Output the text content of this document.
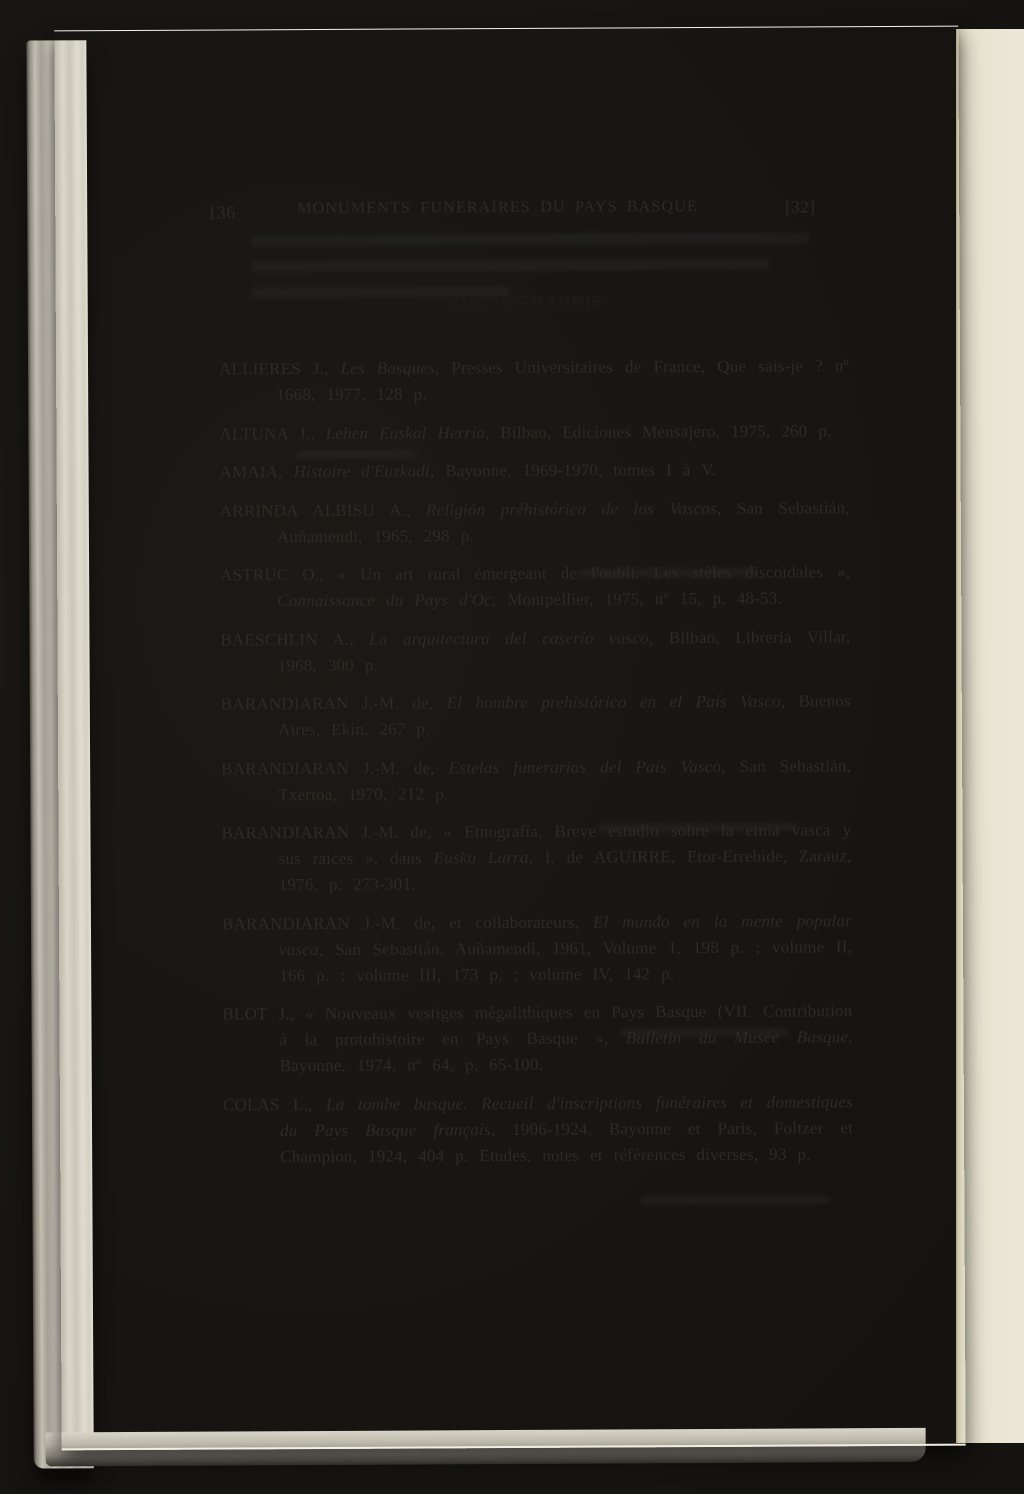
136	MONUMENTS FUNERAIRES DU PAYS BASQUE	[32]
BIBLIOGRAPHIE

ALLIERES J., Les Basques, Presses Universitaires de France, Que sais-je ? nº 1668, 1977, 128 p.

ALTUNA J., Lehen Euskal Herria, Bilbao, Ediciones Mensajero, 1975, 260 p.

AMAIA, Histoire d'Euzkadi, Bayonne, 1969-1970, tomes I à V.

ARRINDA ALBISU A., Religión préhistórica de los Vascos, San Sebastián, Auñamendi, 1965, 298 p.

ASTRUC O., « Un art rural émergeant de l'oubli. Les stèles discoïdales », Connaissance du Pays d'Oc, Montpellier, 1975, nº 15, p. 48-53.

BAESCHLIN A., La arquitectura del caserío vasco, Bilbao, Libreria Villar, 1968, 300 p.

BARANDIARAN J.-M. de, El hombre prehistórico en el País Vasco, Buenos Aires, Ekin, 267 p.

BARANDIARAN J.-M. de, Estelas funerarias del País Vasco, San Sebastián, Txertoa, 1970, 212 p.

BARANDIARAN J.-M. de, « Etnografía. Breve estudio sobre la etnia vasca y sus raices », dans Eusko Lurra, I. de AGUIRRE, Etor-Errebide, Zarauz, 1976, p. 273-301.

BARANDIARAN J.-M. de, et collaborateurs, El mundo en la mente popular vasca, San Sebastián, Auñamendi, 1961, Volume 1, 198 p. ; volume II, 166 p. ; volume III, 173 p. ; volume IV, 142 p.

BLOT J., « Nouveaux vestiges mégalithiques en Pays Basque (VII. Contribution à la protohistoire en Pays Basque », Bulletin du Musée Basque, Bayonne, 1974, nº 64, p. 65-100.

COLAS L., La tombe basque. Recueil d'inscriptions funéraires et domestiques du Pays Basque français, 1906-1924, Bayonne et Paris, Foltzer et Champion, 1924, 404 p. Etudes, notes et références diverses, 93 p.
